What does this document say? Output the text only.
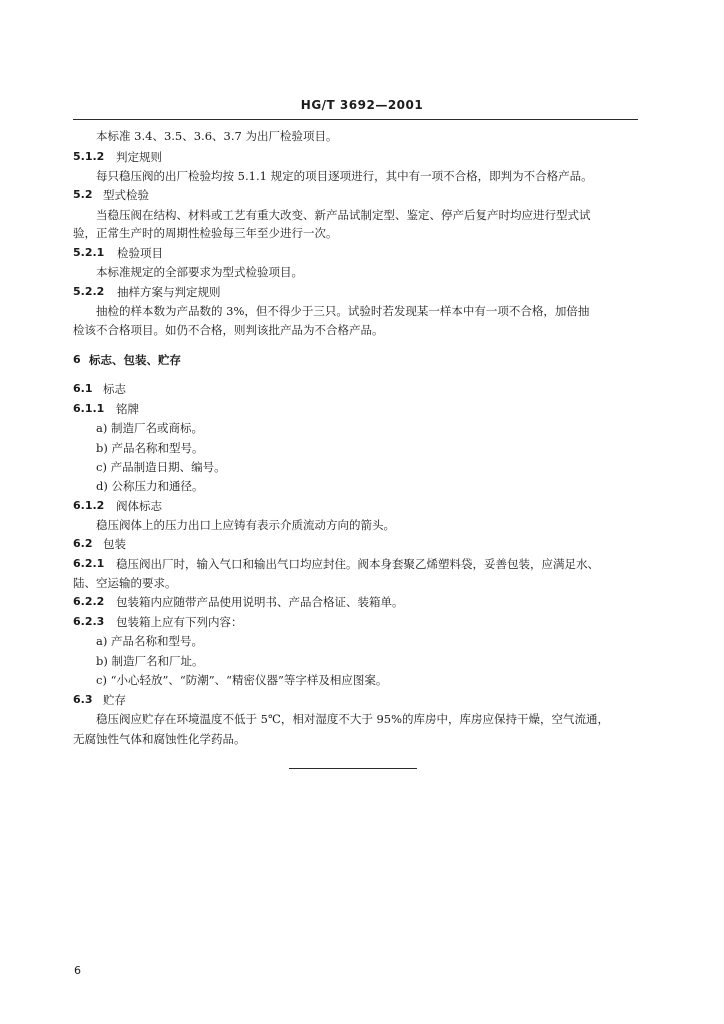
HG/T 3692—2001
本标准 3.4、3.5、3.6、3.7 为出厂检验项目。
5.1.2 判定规则
每只稳压阀的出厂检验均按 5.1.1 规定的项目逐项进行，其中有一项不合格，即判为不合格产品。
5.2 型式检验
当稳压阀在结构、材料或工艺有重大改变、新产品试制定型、鉴定、停产后复产时均应进行型式试
验，正常生产时的周期性检验每三年至少进行一次。
5.2.1 检验项目
本标准规定的全部要求为型式检验项目。
5.2.2 抽样方案与判定规则
抽检的样本数为产品数的 3%，但不得少于三只。试验时若发现某一样本中有一项不合格，加倍抽
检该不合格项目。如仍不合格，则判该批产品为不合格产品。
6 标志、包装、贮存
6.1 标志
6.1.1 铭牌
a) 制造厂名或商标。
b) 产品名称和型号。
c) 产品制造日期、编号。
d) 公称压力和通径。
6.1.2 阀体标志
稳压阀体上的压力出口上应铸有表示介质流动方向的箭头。
6.2 包装
6.2.1 稳压阀出厂时，输入气口和输出气口均应封住。阀本身套聚乙烯塑料袋，妥善包装，应满足水、
陆、空运输的要求。
6.2.2 包装箱内应随带产品使用说明书、产品合格证、装箱单。
6.2.3 包装箱上应有下列内容：
a) 产品名称和型号。
b) 制造厂名和厂址。
c) “小心轻放”、“防潮”、“精密仪器”等字样及相应图案。
6.3 贮存
稳压阀应贮存在环境温度不低于 5℃，相对湿度不大于 95%的库房中，库房应保持干燥，空气流通，
无腐蚀性气体和腐蚀性化学药品。
6
